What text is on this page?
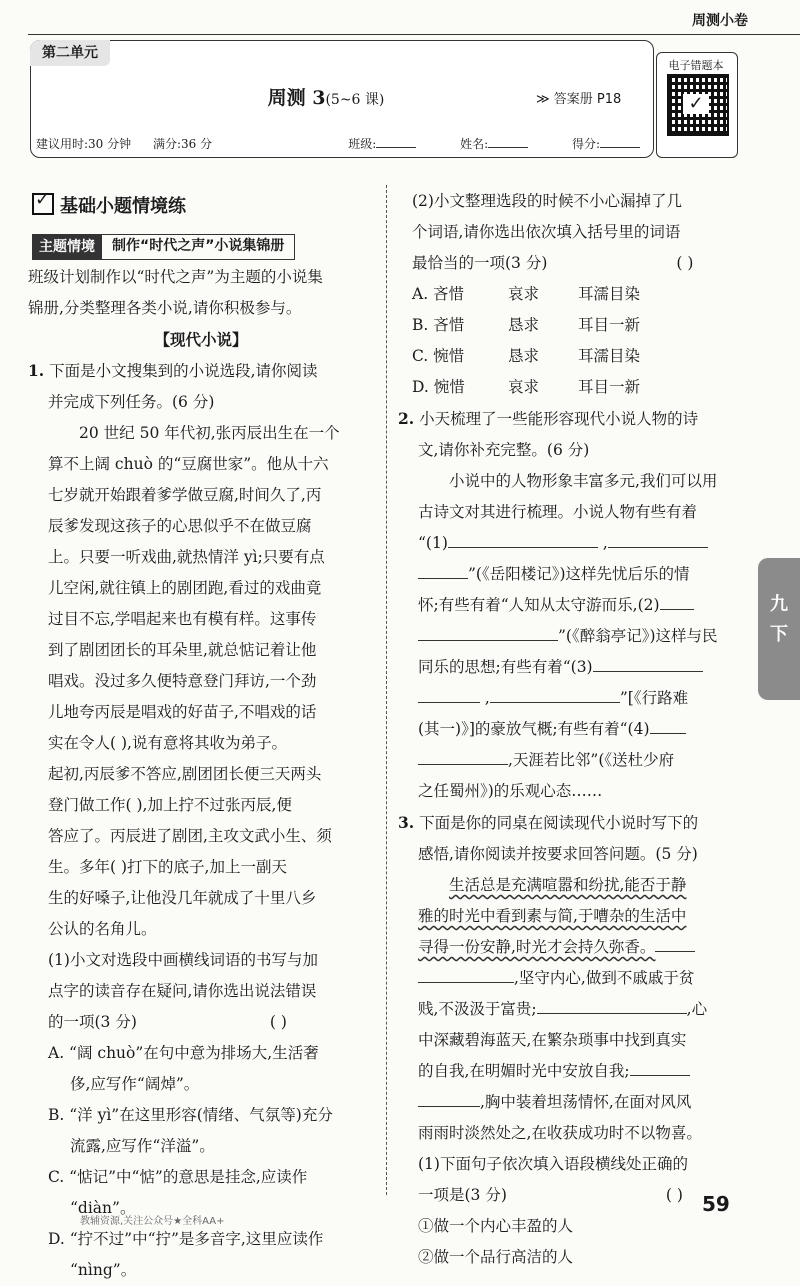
周测小卷
第二单元
周测 3(5~6 课)	≫ 答案册 P18
建议用时:30 分钟 满分:36 分	班级:	姓名:	得分:
电子错题本
✓
✓基础小题情境练
主题情境	制作“时代之声”小说集锦册
班级计划制作以“时代之声”为主题的小说集
锦册,分类整理各类小说,请你积极参与。
【现代小说】
1. 下面是小文搜集到的小说选段,请你阅读
并完成下列任务。(6 分)
20 世纪 50 年代初,张丙辰出生在一个
算不上阔 chuò 的“豆腐世家”。他从十六
七岁就开始跟着爹学做豆腐,时间久了,丙
辰爹发现这孩子的心思似乎不在做豆腐
上。只要一听戏曲,就热情洋 yì;只要有点
儿空闲,就往镇上的剧团跑,看过的戏曲竟
过目不忘,学唱起来也有模有样。这事传
到了剧团团长的耳朵里,就总惦记着让他
唱戏。没过多久便特意登门拜访,一个劲
儿地夸丙辰是唱戏的好苗子,不唱戏的话
实在令人( ),说有意将其收为弟子。
起初,丙辰爹不答应,剧团团长便三天两头
登门做工作( ),加上拧不过张丙辰,便
答应了。丙辰进了剧团,主攻文武小生、须
生。多年( )打下的底子,加上一副天
生的好嗓子,让他没几年就成了十里八乡
公认的名角儿。
(1)小文对选段中画横线词语的书写与加
点字的读音存在疑问,请你选出说法错误
的一项(3 分)	( )
A. “阔 chuò”在句中意为排场大,生活奢
侈,应写作“阔焯”。
B. “洋 yì”在这里形容(情绪、气氛等)充分
流露,应写作“洋溢”。
C. “惦记”中“惦”的意思是挂念,应读作
“diàn”。
D. “拧不过”中“拧”是多音字,这里应读作
“nìng”。
(2)小文整理选段的时候不小心漏掉了几
个词语,请你选出依次填入括号里的词语
最恰当的一项(3 分)	( )
A. 吝惜	哀求	耳濡目染
B. 吝惜	恳求	耳目一新
C. 惋惜	恳求	耳濡目染
D. 惋惜	哀求	耳目一新
2. 小天梳理了一些能形容现代小说人物的诗
文,请你补充完整。(6 分)
小说中的人物形象丰富多元,我们可以用
古诗文对其进行梳理。小说人物有些有着
“(1)	,
”(《岳阳楼记》)这样先忧后乐的情
怀;有些有着“人知从太守游而乐,(2)
”(《醉翁亭记》)这样与民
同乐的思想;有些有着“(3)
,	”[《行路难
(其一)》]的豪放气概;有些有着“(4)
,天涯若比邻”(《送杜少府
之任蜀州》)的乐观心态……
3. 下面是你的同桌在阅读现代小说时写下的
感悟,请你阅读并按要求回答问题。(5 分)
生活总是充满喧嚣和纷扰,能否于静
雅的时光中看到素与简,于嘈杂的生活中
寻得一份安静,时光才会持久弥香。
,坚守内心,做到不戚戚于贫
贱,不汲汲于富贵;	,心
中深藏碧海蓝天,在繁杂琐事中找到真实
的自我,在明媚时光中安放自我;
,胸中装着坦荡情怀,在面对风风
雨雨时淡然处之,在收获成功时不以物喜。
(1)下面句子依次填入语段横线处正确的
一项是(3 分)	( )
①做一个内心丰盈的人
②做一个品行高洁的人
九
下
59
教辅资源,关注公众号★全科AA+
